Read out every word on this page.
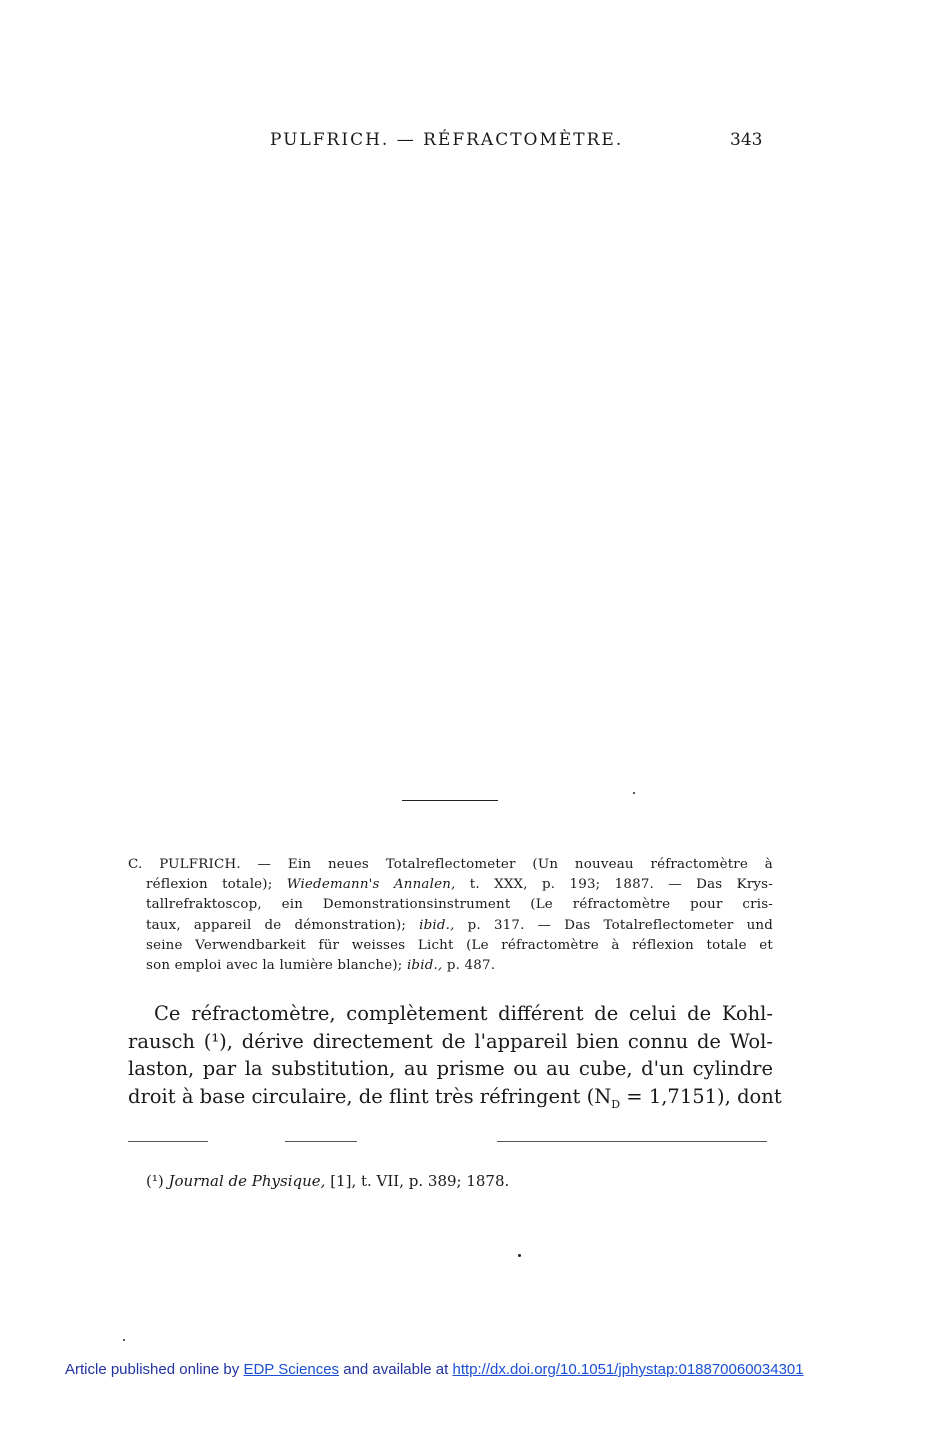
PULFRICH. — RÉFRACTOMÈTRE.	343
C. PULFRICH. — Ein neues Totalreflectometer (Un nouveau réfractomètre à
réflexion totale); Wiedemann's Annalen, t. XXX, p. 193; 1887. — Das Krys-
tallrefraktoscop, ein Demonstrationsinstrument (Le réfractomètre pour cris-
taux, appareil de démonstration); ibid., p. 317. — Das Totalreflectometer und
seine Verwendbarkeit für weisses Licht (Le réfractomètre à réflexion totale et
son emploi avec la lumière blanche); ibid., p. 487.
Ce réfractomètre, complètement différent de celui de Kohl-
rausch (¹), dérive directement de l'appareil bien connu de Wol-
laston, par la substitution, au prisme ou au cube, d'un cylindre
droit à base circulaire, de flint très réfringent $(N_D = 1,7151)$, dont
(¹) Journal de Physique, [1], t. VII, p. 389; 1878.
Article published online by EDP Sciences and available at http://dx.doi.org/10.1051/jphystap:018870060034301
